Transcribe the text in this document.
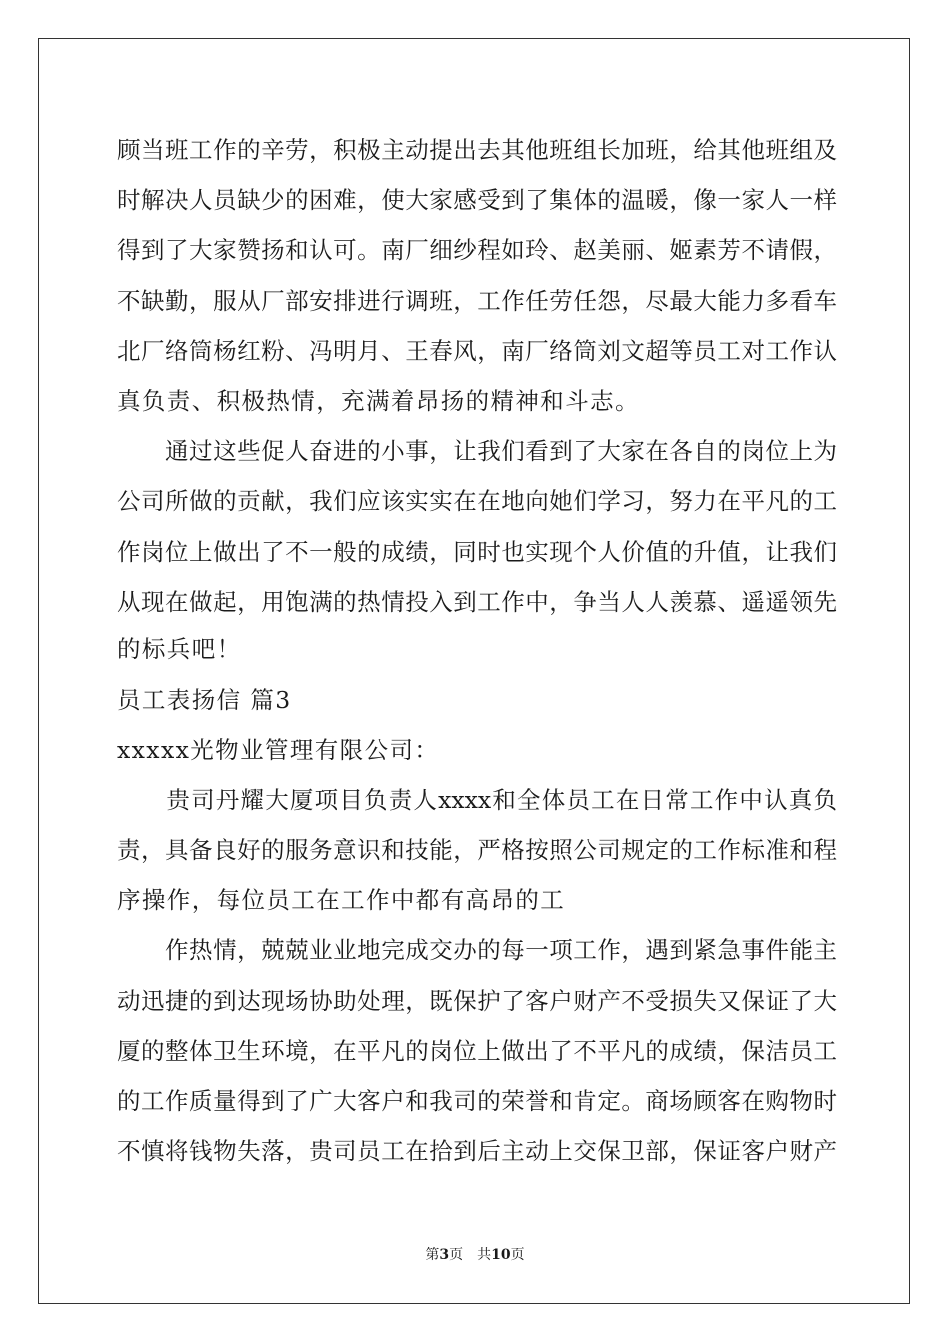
顾当班工作的辛劳，积极主动提出去其他班组长加班，给其他班组及
时解决人员缺少的困难，使大家感受到了集体的温暖，像一家人一样
得到了大家赞扬和认可。南厂细纱程如玲、赵美丽、姬素芳不请假，
不缺勤，服从厂部安排进行调班，工作任劳任怨，尽最大能力多看车
北厂络筒杨红粉、冯明月、王春风，南厂络筒刘文超等员工对工作认
真负责、积极热情，充满着昂扬的精神和斗志。
　　通过这些促人奋进的小事，让我们看到了大家在各自的岗位上为
公司所做的贡献，我们应该实实在在地向她们学习，努力在平凡的工
作岗位上做出了不一般的成绩，同时也实现个人价值的升值，让我们
从现在做起，用饱满的热情投入到工作中，争当人人羡慕、遥遥领先
的标兵吧！
员工表扬信 篇3
xxxxx光物业管理有限公司：
　　贵司丹耀大厦项目负责人xxxx和全体员工在日常工作中认真负
责，具备良好的服务意识和技能，严格按照公司规定的工作标准和程
序操作，每位员工在工作中都有高昂的工
　　作热情，兢兢业业地完成交办的每一项工作，遇到紧急事件能主
动迅捷的到达现场协助处理，既保护了客户财产不受损失又保证了大
厦的整体卫生环境，在平凡的岗位上做出了不平凡的成绩，保洁员工
的工作质量得到了广大客户和我司的荣誉和肯定。商场顾客在购物时
不慎将钱物失落，贵司员工在拾到后主动上交保卫部，保证客户财产
第3页　共10页
